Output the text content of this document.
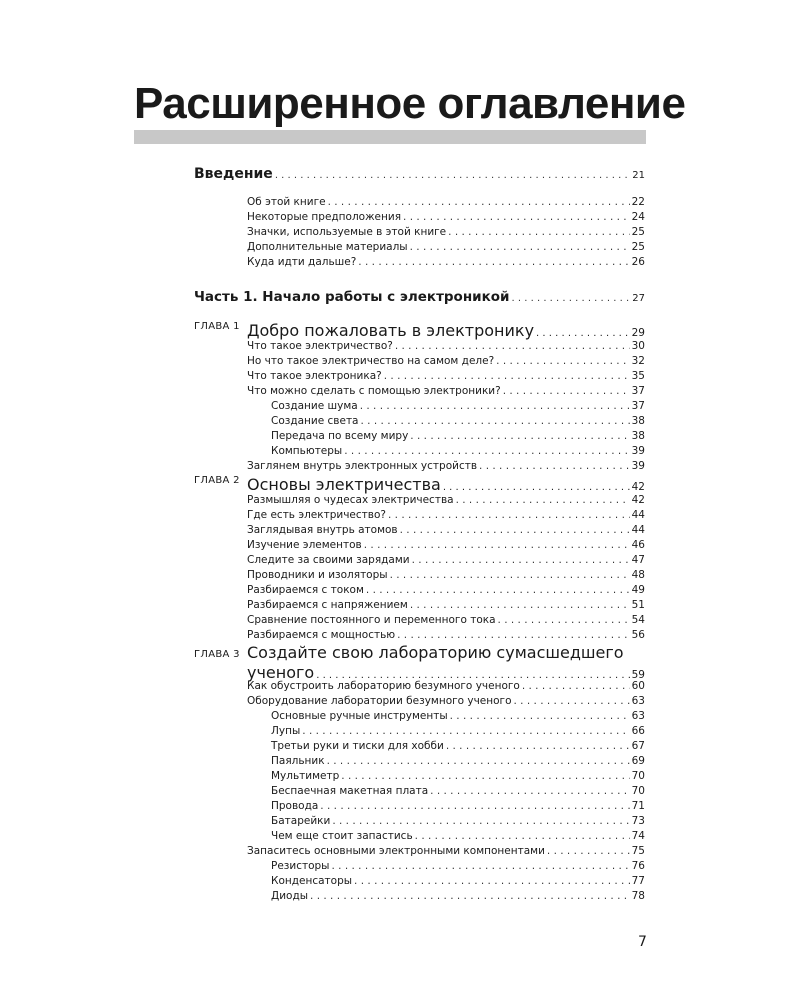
Расширенное оглавление
Введение . . .	21
Об этой книге . . .	22
Некоторые предположения . . .	24
Значки, используемые в этой книге . . .	25
Дополнительные материалы . . .	25
Куда идти дальше? . . .	26
Часть 1. Начало работы с электроникой . . .	27
ГЛАВА 1 Добро пожаловать в электронику . . .	29
Что такое электричество? . . .	30
Но что такое электричество на самом деле? . . .	32
Что такое электроника? . . .	35
Что можно сделать с помощью электроники? . . .	37
Создание шума . . .	37
Создание света . . .	38
Передача по всему миру . . .	38
Компьютеры . . .	39
Заглянем внутрь электронных устройств . . .	39
ГЛАВА 2 Основы электричества . . .	42
Размышляя о чудесах электричества . . .	42
Где есть электричество? . . .	44
Заглядывая внутрь атомов . . .	44
Изучение элементов . . .	46
Следите за своими зарядами . . .	47
Проводники и изоляторы . . .	48
Разбираемся с током . . .	49
Разбираемся с напряжением . . .	51
Сравнение постоянного и переменного тока . . .	54
Разбираемся с мощностью . . .	56
ГЛАВА 3 Создайте свою лабораторию сумасшедшего
ученого . . .	59
Как обустроить лабораторию безумного ученого . . .	60
Оборудование лаборатории безумного ученого . . .	63
Основные ручные инструменты . . .	63
Лупы . . .	66
Третьи руки и тиски для хобби . . .	67
Паяльник . . .	69
Мультиметр . . .	70
Беспаечная макетная плата . . .	70
Провода . . .	71
Батарейки . . .	73
Чем еще стоит запастись . . .	74
Запаситесь основными электронными компонентами . . .	75
Резисторы . . .	76
Конденсаторы . . .	77
Диоды . . .	78
7
